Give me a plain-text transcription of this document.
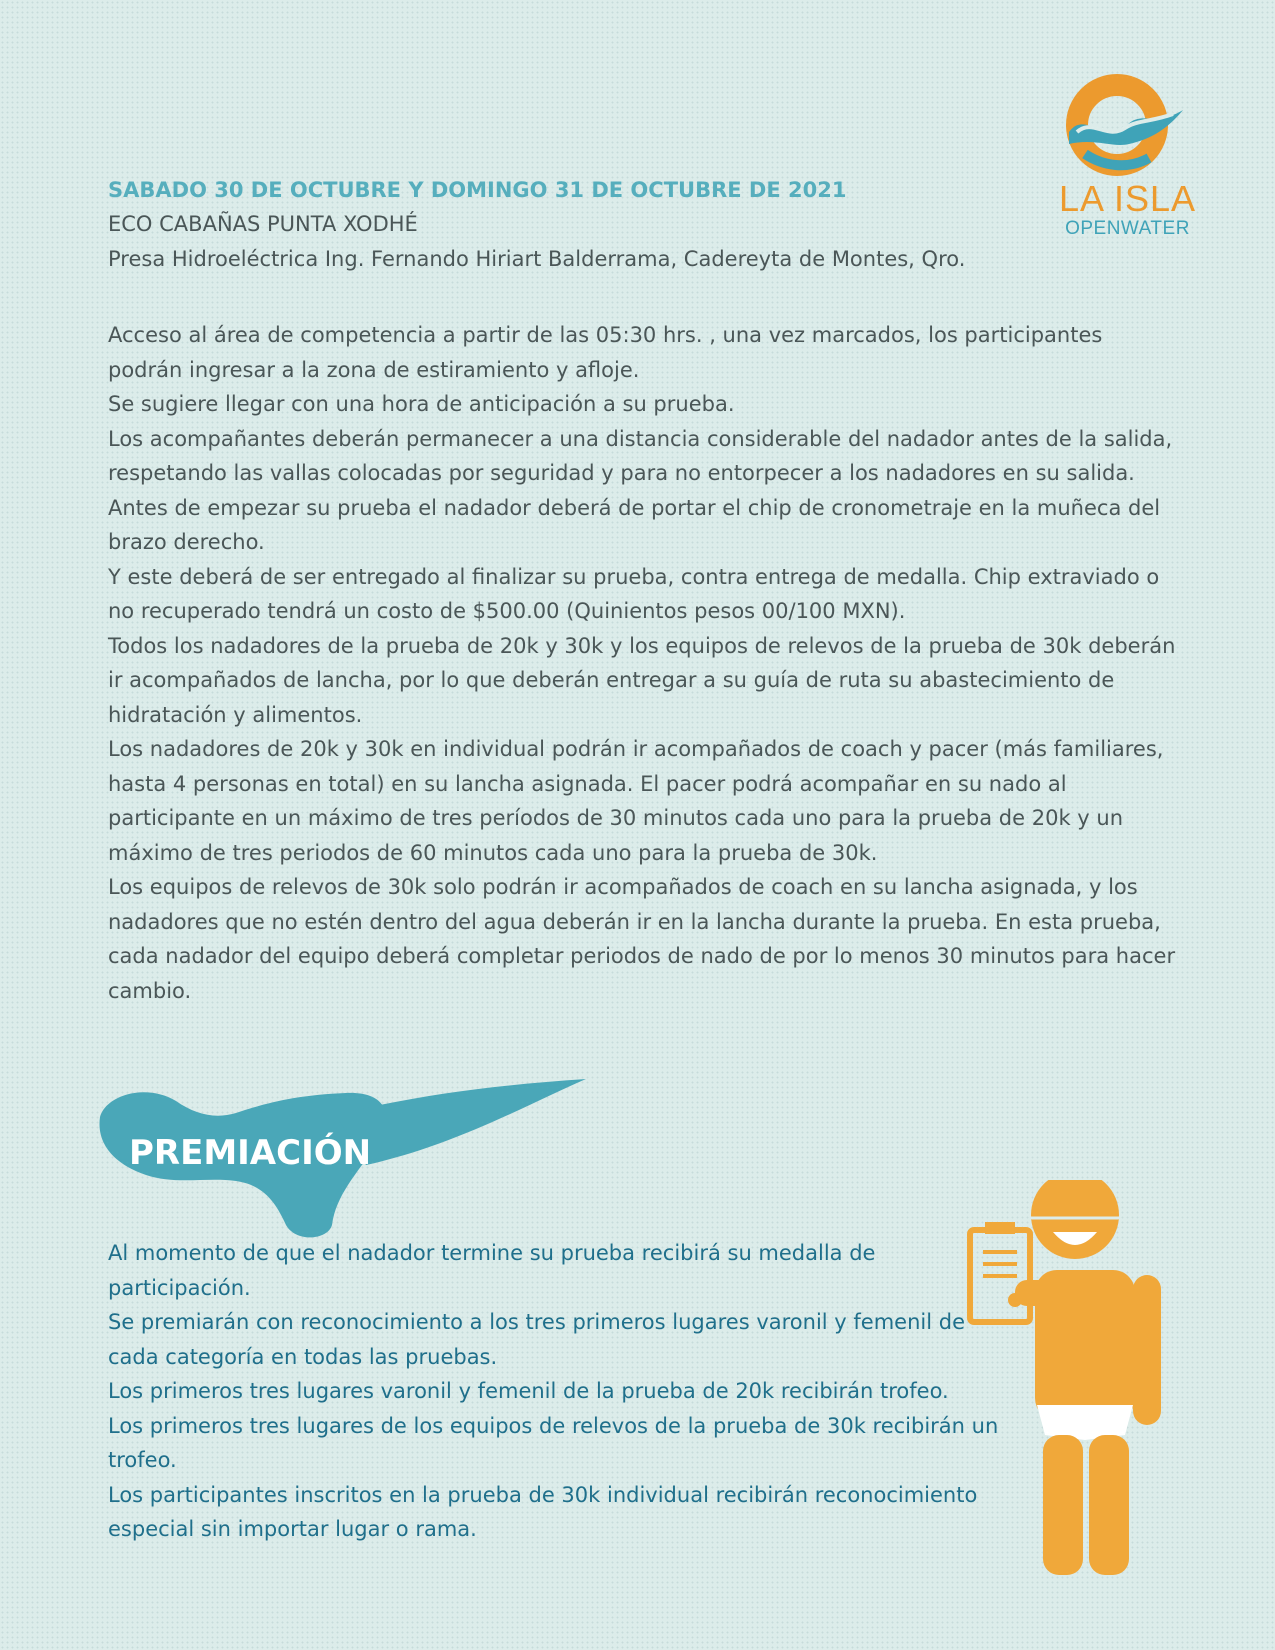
LA ISLA
OPENWATER
SABADO 30 DE OCTUBRE Y DOMINGO 31 DE OCTUBRE DE 2021
ECO CABAÑAS PUNTA XODHÉ
Presa Hidroeléctrica Ing. Fernando Hiriart Balderrama, Cadereyta de Montes, Qro.

Acceso al área de competencia a partir de las 05:30 hrs. , una vez marcados, los participantes podrán ingresar a la zona de estiramiento y afloje.

Se sugiere llegar con una hora de anticipación a su prueba.

Los acompañantes deberán permanecer a una distancia considerable del nadador antes de la salida, respetando las vallas colocadas por seguridad y para no entorpecer a los nadadores en su salida.

Antes de empezar su prueba el nadador deberá de portar el chip de cronometraje en la muñeca del brazo derecho.

Y este deberá de ser entregado al finalizar su prueba, contra entrega de medalla. Chip extraviado o no recuperado tendrá un costo de $500.00 (Quinientos pesos 00/100 MXN).

Todos los nadadores de la prueba de 20k y 30k y los equipos de relevos de la prueba de 30k deberán ir acompañados de lancha, por lo que deberán entregar a su guía de ruta su abastecimiento de hidratación y alimentos.

Los nadadores de 20k y 30k en individual podrán ir acompañados de coach y pacer (más familiares, hasta 4 personas en total) en su lancha asignada. El pacer podrá acompañar en su nado al participante en un máximo de tres períodos de 30 minutos cada uno para la prueba de 20k y un máximo de tres periodos de 60 minutos cada uno para la prueba de 30k.

Los equipos de relevos de 30k solo podrán ir acompañados de coach en su lancha asignada, y los nadadores que no estén dentro del agua deberán ir en la lancha durante la prueba. En esta prueba, cada nadador del equipo deberá completar periodos de nado de por lo menos 30 minutos para hacer cambio.

PREMIACIÓN

Al momento de que el nadador termine su prueba recibirá su medalla de participación.

Se premiarán con reconocimiento a los tres primeros lugares varonil y femenil de cada categoría en todas las pruebas.

Los primeros tres lugares varonil y femenil de la prueba de 20k recibirán trofeo.

Los primeros tres lugares de los equipos de relevos de la prueba de 30k recibirán un trofeo.

Los participantes inscritos en la prueba de 30k individual recibirán reconocimiento especial sin importar lugar o rama.
